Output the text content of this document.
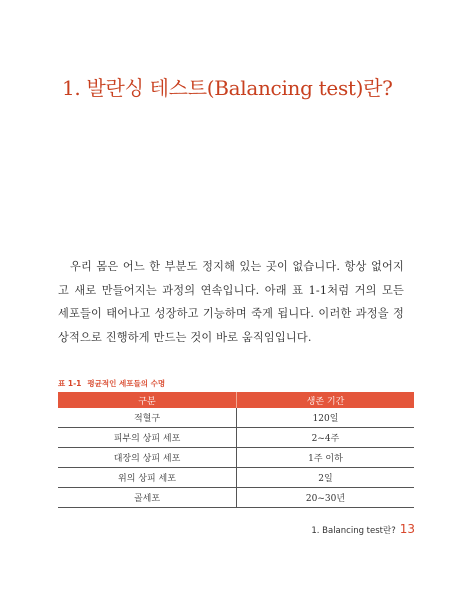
1. 발란싱 테스트(Balancing test)란?

우리 몸은 어느 한 부분도 정지해 있는 곳이 없습니다. 항상 없어지고 새로 만들어지는 과정의 연속입니다. 아래 표 1-1처럼 거의 모든 세포들이 태어나고 성장하고 기능하며 죽게 됩니다. 이러한 과정을 정상적으로 진행하게 만드는 것이 바로 움직임입니다.

표 1-1 평균적인 세포들의 수명
구분	생존 기간
적혈구	120일
피부의 상피 세포	2~4주
대장의 상피 세포	1주 이하
위의 상피 세포	2일
골세포	20~30년
1. Balancing test란? 13
